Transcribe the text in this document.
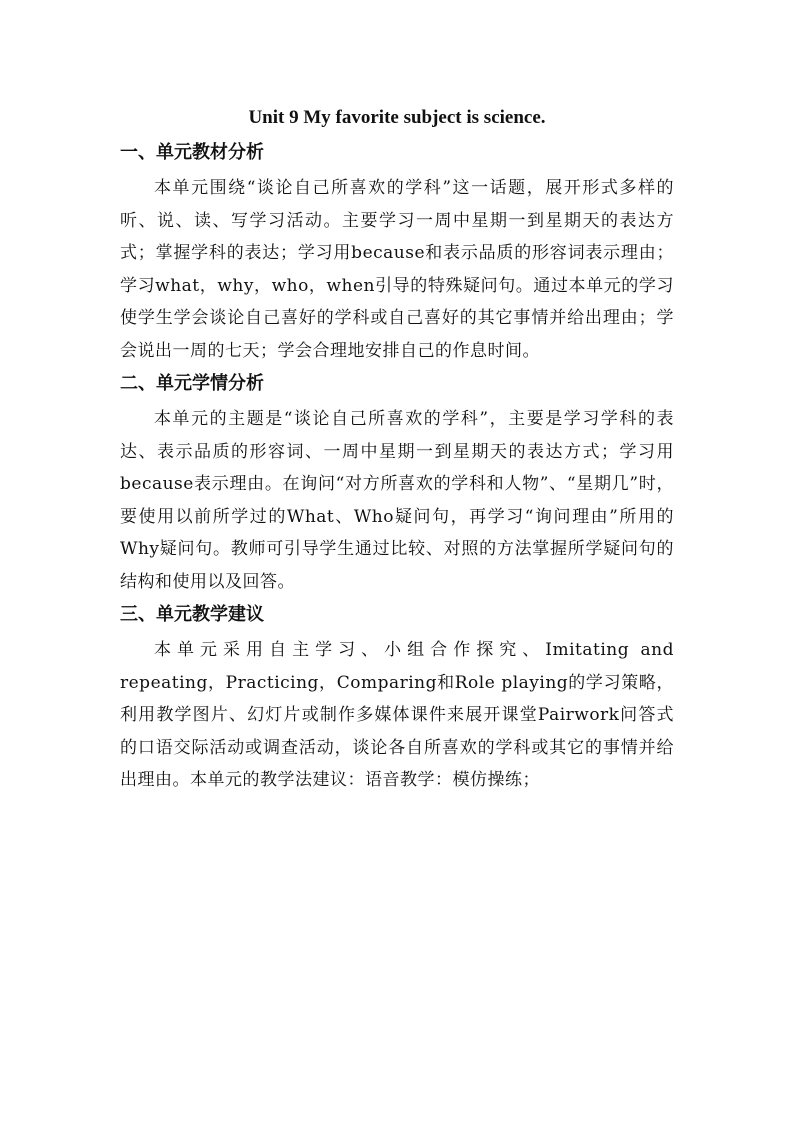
Unit 9 My favorite subject is science.
一、单元教材分析

本单元围绕“谈论自己所喜欢的学科”这一话题，展开形式多样的听、说、读、写学习活动。主要学习一周中星期一到星期天的表达方式；掌握学科的表达；学习用because和表示品质的形容词表示理由；学习what，why，who，when引导的特殊疑问句。通过本单元的学习使学生学会谈论自己喜好的学科或自己喜好的其它事情并给出理由；学会说出一周的七天；学会合理地安排自己的作息时间。

二、单元学情分析

本单元的主题是“谈论自己所喜欢的学科”，主要是学习学科的表达、表示品质的形容词、一周中星期一到星期天的表达方式；学习用because表示理由。在询问“对方所喜欢的学科和人物”、“星期几”时，要使用以前所学过的What、Who疑问句，再学习“询问理由”所用的Why疑问句。教师可引导学生通过比较、对照的方法掌握所学疑问句的结构和使用以及回答。

三、单元教学建议

本单元采用自主学习、小组合作探究、Imitating and repeating，Practicing，Comparing和Role playing的学习策略，利用教学图片、幻灯片或制作多媒体课件来展开课堂Pairwork问答式的口语交际活动或调查活动，谈论各自所喜欢的学科或其它的事情并给出理由。本单元的教学法建议：语音教学：模仿操练；
